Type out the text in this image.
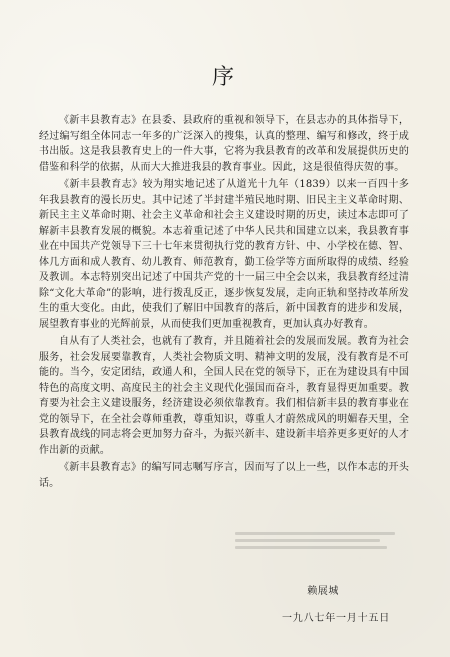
序

《新丰县教育志》在县委、县政府的重视和领导下，在县志办的具体指导下，经过编写组全体同志一年多的广泛深入的搜集，认真的整理、编写和修改，终于成书出版。这是我县教育史上的一件大事，它将为我县教育的改革和发展提供历史的借鉴和科学的依据，从而大大推进我县的教育事业。因此，这是很值得庆贺的事。

《新丰县教育志》较为翔实地记述了从道光十九年（1839）以来一百四十多年我县教育的漫长历史。其中记述了半封建半殖民地时期、旧民主主义革命时期、新民主主义革命时期、社会主义革命和社会主义建设时期的历史，读过本志即可了解新丰县教育发展的概貌。本志着重记述了中华人民共和国建立以来，我县教育事业在中国共产党领导下三十七年来贯彻执行党的教育方针、中、小学校在德、智、体几方面和成人教育、幼儿教育、师范教育，勤工俭学等方面所取得的成绩、经验及教训。本志特别突出记述了中国共产党的十一届三中全会以来，我县教育经过清除“文化大革命”的影响，进行拨乱反正，逐步恢复发展，走向正轨和坚持改革所发生的重大变化。由此，使我们了解旧中国教育的落后，新中国教育的进步和发展，展望教育事业的光辉前景，从而使我们更加重视教育，更加认真办好教育。

自从有了人类社会，也就有了教育，并且随着社会的发展而发展。教育为社会服务，社会发展要靠教育，人类社会物质文明、精神文明的发展，没有教育是不可能的。当今，安定团结，政通人和，全国人民在党的领导下，正在为建设具有中国特色的高度文明、高度民主的社会主义现代化强国而奋斗，教育显得更加重要。教育要为社会主义建设服务，经济建设必须依靠教育。我们相信新丰县的教育事业在党的领导下，在全社会尊师重教，尊重知识，尊重人才蔚然成风的明媚春天里，全县教育战线的同志将会更加努力奋斗，为振兴新丰、建设新丰培养更多更好的人才作出新的贡献。

《新丰县教育志》的编写同志嘱写序言，因而写了以上一些，以作本志的开头话。

赖展城
一九八七年一月十五日
